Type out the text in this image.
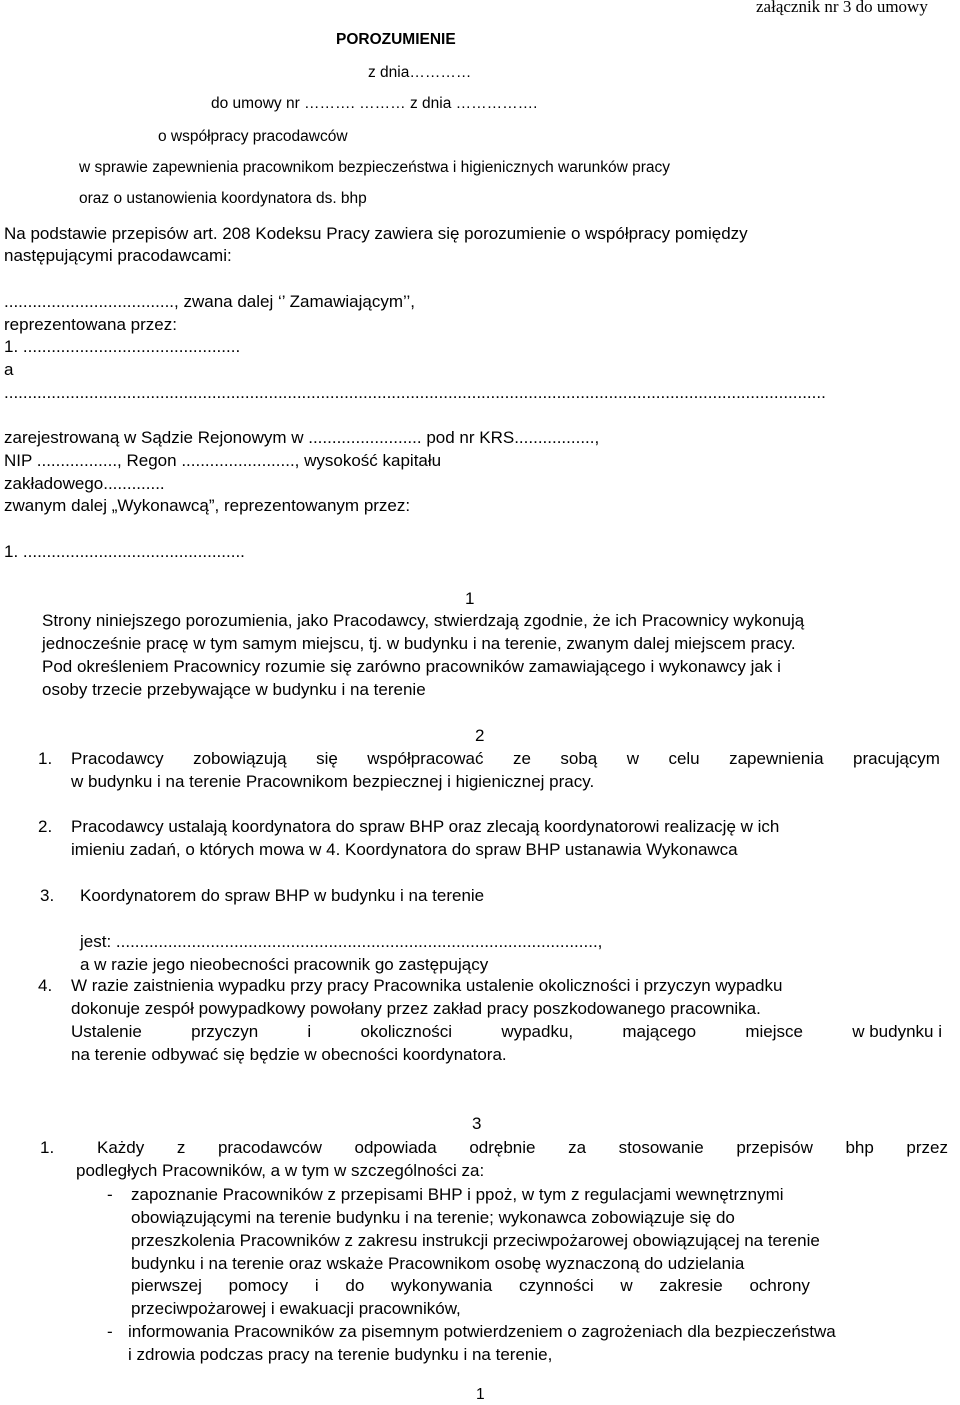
załącznik nr 3 do umowy
POROZUMIENIE
z dnia…………
do umowy nr ………. ……… z dnia …………….
o współpracy pracodawców
w sprawie zapewnienia pracownikom bezpieczeństwa i higienicznych warunków pracy
oraz o ustanowienia koordynatora ds. bhp
Na podstawie przepisów art. 208 Kodeksu Pracy zawiera się porozumienie o współpracy pomiędzy
następującymi pracodawcami:
...................................., zwana dalej ‘’ Zamawiającym’’,
reprezentowana przez:
1. ..............................................
a
..............................................................................................................................................................................
zarejestrowaną w Sądzie Rejonowym w ........................ pod nr KRS.................,
NIP ................., Regon ........................, wysokość kapitału
zakładowego.............
zwanym dalej „Wykonawcą”, reprezentowanym przez:
1. ...............................................
1
Strony niniejszego porozumienia, jako Pracodawcy, stwierdzają zgodnie, że ich Pracownicy wykonują
jednocześnie pracę w tym samym miejscu, tj. w budynku i na terenie, zwanym dalej miejscem pracy.
Pod określeniem Pracownicy rozumie się zarówno pracowników zamawiającego i wykonawcy jak i
osoby trzecie przebywające w budynku i na terenie
2
1. Pracodawcy zobowiązują się współpracować ze sobą w celu zapewnienia pracującym
w budynku i na terenie Pracownikom bezpiecznej i higienicznej pracy.
2. Pracodawcy ustalają koordynatora do spraw BHP oraz zlecają koordynatorowi realizację w ich
imieniu zadań, o których mowa w 4. Koordynatora do spraw BHP ustanawia Wykonawca
3. Koordynatorem do spraw BHP w budynku i na terenie
jest: ......................................................................................................,
a w razie jego nieobecności pracownik go zastępujący
4. W razie zaistnienia wypadku przy pracy Pracownika ustalenie okoliczności i przyczyn wypadku
dokonuje zespół powypadkowy powołany przez zakład pracy poszkodowanego pracownika.
Ustalenie	przyczyn	i	okoliczności	wypadku,	mającego	miejsce	w budynku i
na terenie odbywać się będzie w obecności koordynatora.
3
1.	Każdy z pracodawców odpowiada odrębnie za stosowanie przepisów bhp przez
podległych Pracowników, a w tym w szczególności za:
- zapoznanie Pracowników z przepisami BHP i ppoż, w tym z regulacjami wewnętrznymi
obowiązującymi na terenie budynku i na terenie; wykonawca zobowiązuje się do
przeszkolenia Pracowników z zakresu instrukcji przeciwpożarowej obowiązującej na terenie
budynku i na terenie oraz wskaże Pracownikom osobę wyznaczoną do udzielania
pierwszej pomocy i do wykonywania czynności w zakresie ochrony
przeciwpożarowej i ewakuacji pracowników,
- informowania Pracowników za pisemnym potwierdzeniem o zagrożeniach dla bezpieczeństwa
i zdrowia podczas pracy na terenie budynku i na terenie,
1
